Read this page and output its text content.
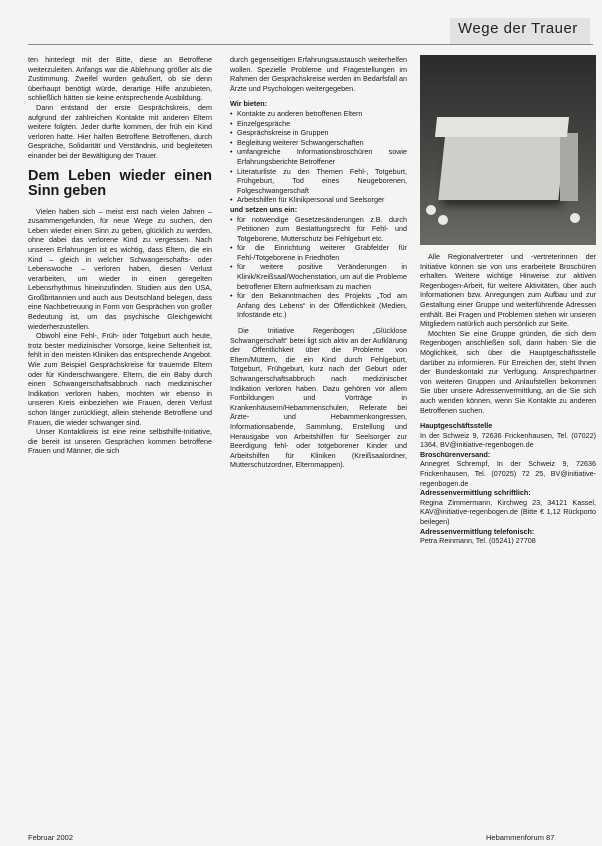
Wege der Trauer

ten hinterlegt mit der Bitte, diese an Betroffene weiterzuleiten. Anfangs war die Ablehnung größer als die Zustimmung. Zweifel wurden geäußert, ob sie denn überhaupt benötigt würde, derartige Hilfe anzubieten, schließlich hätten sie keine entsprechende Ausbildung.

Dann entstand der erste Gesprächskreis, dem aufgrund der zahlreichen Kontakte mit anderen Eltern weitere folgten. Jeder durfte kommen, der früh ein Kind verloren hatte. Hier halfen Betroffene Betroffenen, durch Gespräche, Solidarität und Verständnis, und begleiteten einander bei der Bewältigung der Trauer.

Dem Leben wieder einen Sinn geben

Vielen haben sich – meist erst nach vielen Jahren – zusammengefunden, für neue Wege zu suchen, den Leben wieder einen Sinn zu geben, glücklich zu werden, ohne dabei das verlorene Kind zu vergessen. Nach unseren Erfahrungen ist es wichtig, dass Eltern, die ein Kind – gleich in welcher Schwangerschafts- oder Lebenswoche – verloren haben, diesen Verlust verarbeiten, um wieder in einen geregelten Lebensrhythmus hineinzufinden. Studien aus den USA, Großbritannien und auch aus Deutschland belegen, dass eine Nachbetreuung in Form von Gesprächen von großer Bedeutung ist, um das psychische Gleichgewicht wiederherzustellen.

Obwohl eine Fehl-, Früh- oder Totgeburt auch heute, trotz bester medizinischer Vorsorge, keine Seltenheit ist, fehlt in den meisten Kliniken das entsprechende Angebot. Wie zum Beispiel Gesprächskreise für trauernde Eltern oder für Kinderschwangere. Eltern, die ein Baby durch einen Schwangerschaftsabbruch nach medizinischer Indikation verloren haben, mochten wir ebenso in unseren Kreis einbeziehen wie Frauen, deren Verlust schon länger zurückliegt, allein stehende Betroffene und Frauen, die wieder schwanger sind.

Unser Kontaktkreis ist eine reine selbsthilfe-Initiative, die bereit ist unseren Gesprächen kommen betroffene Frauen und Männer, die sich

durch gegenseitigen Erfahrungsaustausch weiterhelfen wollen. Spezielle Probleme und Fragestellungen im Rahmen der Gesprächskreise werden im Bedarfsfall an Ärzte und Psychologen weitergegeben.

Wir bieten:

• Kontakte zu anderen betroffenen Eltern
• Einzelgespräche
• Gesprächskreise in Gruppen
• Begleitung weiterer Schwangerschaften
• umfangreiche Informationsbroschüren sowie Erfahrungsberichte Betroffener
• Literaturliste zu den Themen Fehl-, Totgeburt, Frühgeburt, Tod eines Neugeborenen, Folgeschwangerschaft
• Arbeitshilfen für Klinikpersonal und Seelsorger

und setzen uns ein:

• für notwendige Gesetzesänderungen z.B. durch Petitionen zum Bestattungsrecht für Fehl- und Totgeborene, Mutterschutz bei Fehlgeburt etc.
• für die Einrichtung weiterer Grabfelder für Fehl-/Totgeborene in Friedhöfen
• für weitere positive Veränderungen in Klinik/Kreißsaal/Wochenstation, um auf die Probleme betroffener Eltern aufmerksam zu machen
• für den Bekanntmachen des Projekts „Tod am Anfang des Lebens“ in der Öffentlichkeit (Medien, Infostände etc.)

Die Initiative Regenbogen „Glücklose Schwangerschaft“ betei ligt sich aktiv an der Aufklärung der Öffentlichkeit über die Probleme von Eltern/Müttern, die ein Kind durch Fehlgeburt, Totgeburt, Frühgeburt, kurz nach der Geburt oder Schwangerschaftsabbruch nach medizinischer Indikation verloren haben. Dazu gehören vor allem Fortbildungen und Vorträge in Krankenhäusern/Hebammenschulen, Referate bei Ärzte- und Hebammenkongressen, Informationsabende, Sammlung, Erstellung und Herausgabe von Arbeitshilfen für Seelsorger zur Beerdigung fehl- oder totgeborener Kinder und Arbeitshilfen für Kliniken (Kreißsaalordner, Mutterschutzordner, Elternmappen).

Alle Regionalvertreter und -vertreterinnen der Initiative können sie von uns erarbeitete Broschüren erhalten. Weitere wichtige Hinweise zur aktiven Regenbogen-Arbeit, für weitere Aktivitäten, über auch Informationen bzw. Anregungen zum Aufbau und zur Gestaltung einer Gruppe und weiterführende Adressen enthält. Bei Fragen und Problemen stehen wir unseren Mitgliedern natürlich auch persönlich zur Seite.

Möchten Sie eine Gruppe gründen, die sich dem Regenbogen anschließen soll, dann haben Sie die Möglichkeit, sich über die Hauptgeschäftsstelle darüber zu informieren. Für Erreichen der, steht Ihnen der Bundeskontakt zur Verfügung. Ansprechpartner von weiteren Gruppen und Anlaufstellen bekommen Sie über unsere Adressenvermittlung, an die Sie sich auch wenden können, wenn Sie Kontakte zu anderen Betroffenen suchen.

Hauptgeschäftsstelle

In der Schweiz 9, 72636 Frickenhausen, Tel. (07022) 1364, BV@initiative-regenbogen.de

Broschürenversand:

Annegret Schrempf, In der Schweiz 9, 72636 Frickenhausen, Tel. (07025) 72 25, BV@initiative-regenbogen.de

Adressenvermittlung schriftlich:

Regina Zimmermann, Kirchweg 23, 34121 Kassel, KAV@initiative-regenbogen.de (Bitte € 1,12 Rückporto beilegen)

Adressenvermittlung telefonisch:

Petra Reinmann, Tel. (05241) 27708

Februar 2002	Hebammenforum 87
